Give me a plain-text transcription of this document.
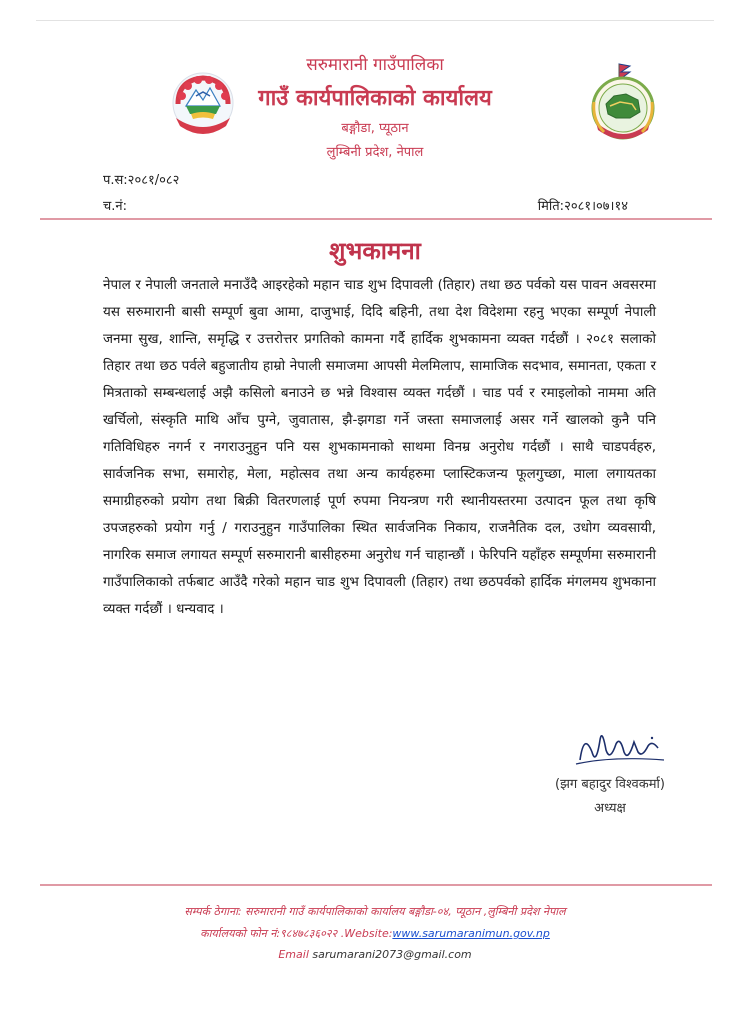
सरुमारानी गाउँपालिका
गाउँ कार्यपालिकाको कार्यालय
बङ्गौडा, प्यूठान
लुम्बिनी प्रदेश, नेपाल
प.स:२०८१/०८२
च.नं:	मिति:२०८१।०७।१४
शुभकामना
नेपाल र नेपाली जनताले मनाउँदै आइरहेको महान चाड शुभ दिपावली (तिहार) तथा छठ पर्वको यस पावन अवसरमा यस सरुमारानी बासी सम्पूर्ण बुवा आमा, दाजुभाई, दिदि बहिनी, तथा देश विदेशमा रहनु भएका सम्पूर्ण नेपाली जनमा सुख, शान्ति, समृद्धि र उत्तरोत्तर प्रगतिको कामना गर्दै हार्दिक शुभकामना व्यक्त गर्दछौं । २०८१ सलाको तिहार तथा छठ पर्वले बहुजातीय हाम्रो नेपाली समाजमा आपसी मेलमिलाप, सामाजिक सदभाव, समानता, एकता र मित्रताको सम्बन्धलाई अझै कसिलो बनाउने छ भन्ने विश्वास व्यक्त गर्दछौं । चाड पर्व र रमाइलोको नाममा अति खर्चिलो, संस्कृति माथि आँच पुग्ने, जुवातास, झै-झगडा गर्ने जस्ता समाजलाई असर गर्ने खालको कुनै पनि गतिविधिहरु नगर्न र नगराउनुहुन पनि यस शुभकामनाको साथमा विनम्र अनुरोध गर्दछौं । साथै चाडपर्वहरु, सार्वजनिक सभा, समारोह, मेला, महोत्सव तथा अन्य कार्यहरुमा प्लास्टिकजन्य फूलगुच्छा, माला लगायतका समाग्रीहरुको प्रयोग तथा बिक्री वितरणलाई पूर्ण रुपमा नियन्त्रण गरी स्थानीयस्तरमा उत्पादन फूल तथा कृषि उपजहरुको प्रयोग गर्नु / गराउनुहुन गाउँपालिका स्थित सार्वजनिक निकाय, राजनैतिक दल, उधोग व्यवसायी, नागरिक समाज लगायत सम्पूर्ण सरुमारानी बासीहरुमा अनुरोध गर्न चाहान्छौं । फेरिपनि यहाँहरु सम्पूर्णमा सरुमारानी गाउँपालिकाको तर्फबाट आउँदै गरेको महान चाड शुभ दिपावली (तिहार) तथा छठपर्वको हार्दिक मंगलमय शुभकाना व्यक्त गर्दछौं । धन्यवाद ।
(झग बहादुर विश्वकर्मा)
अध्यक्ष
सम्पर्क ठेगाना: सरुमारानी गाउँ कार्यपालिकाको कार्यालय बङ्गौडा-०४, प्यूठान ,लुम्बिनी प्रदेश नेपाल
कार्यालयको फोन नं:९८४७८३६०२२ .Website:www.sarumaranimun.gov.np
Email sarumarani2073@gmail.com
